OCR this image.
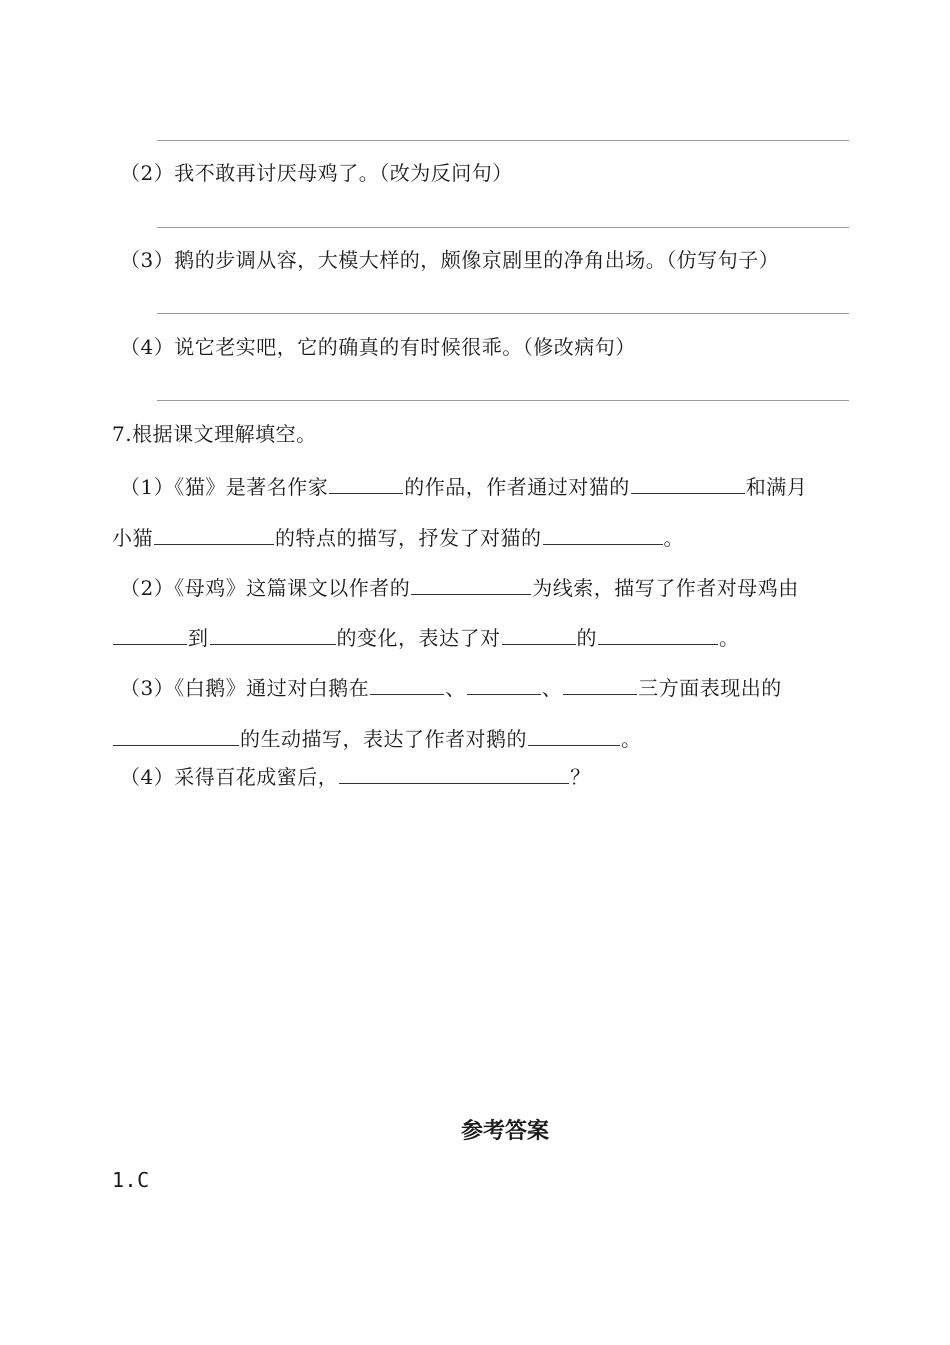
（2）我不敢再讨厌母鸡了。（改为反问句）
（3）鹅的步调从容，大模大样的，颇像京剧里的净角出场。（仿写句子）
（4）说它老实吧，它的确真的有时候很乖。（修改病句）
7.根据课文理解填空。
（1）《猫》是著名作家	的作品，作者通过对猫的	和满月
小猫	的特点的描写，抒发了对猫的	。
（2）《母鸡》这篇课文以作者的	为线索，描写了作者对母鸡由
到	的变化，表达了对	的	。
（3）《白鹅》通过对白鹅在	、	、	三方面表现出的
的生动描写，表达了作者对鹅的	。
（4）采得百花成蜜后，	？
参考答案
1.C
